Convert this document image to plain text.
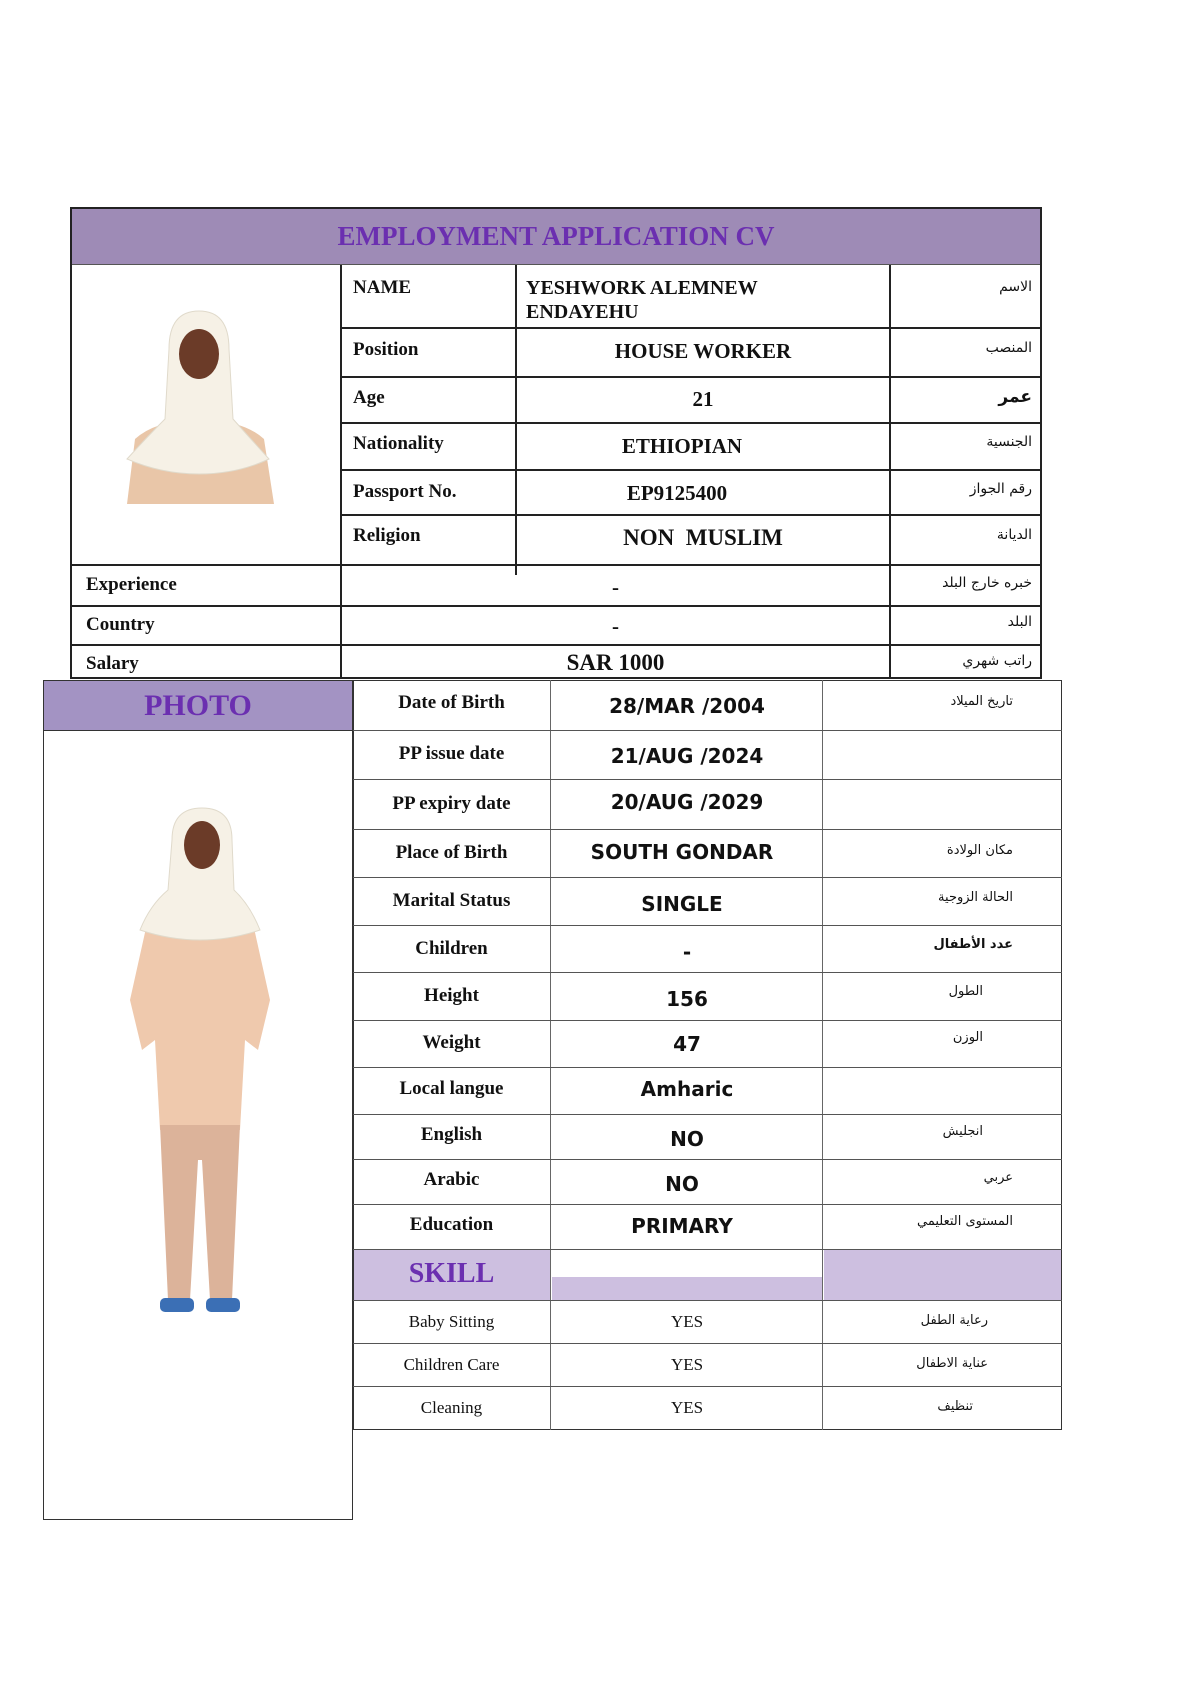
EMPLOYMENT APPLICATION CV
NAME	YESHWORK ALEMNEW
ENDAYEHU
الاسم
Position	HOUSE WORKER	المنصب
Age	21	عمر
Nationality	ETHIOPIAN	الجنسية
Passport No.	EP9125400	رقم الجواز
Religion	NON  MUSLIM	الديانة
Experience	-	خبره خارج البلد
Country	-	البلد
Salary	SAR 1000	راتب شهري
PHOTO	Date of Birth	28/MAR /2004	تاريخ الميلاد
PP issue date	21/AUG /2024
PP expiry date	20/AUG /2029
Place of Birth	SOUTH GONDAR	مكان الولادة
Marital Status	SINGLE	الحالة الزوجية
Children	-	عدد الأطفال
Height	156	الطول
Weight	47	الوزن
Local langue	Amharic
English	NO	انجليش
Arabic	NO	عربي
Education	PRIMARY	المستوى التعليمي
SKILL
Baby Sitting	YES	رعاية الطفل
Children Care	YES	عناية الاطفال
Cleaning	YES	تنظيف
